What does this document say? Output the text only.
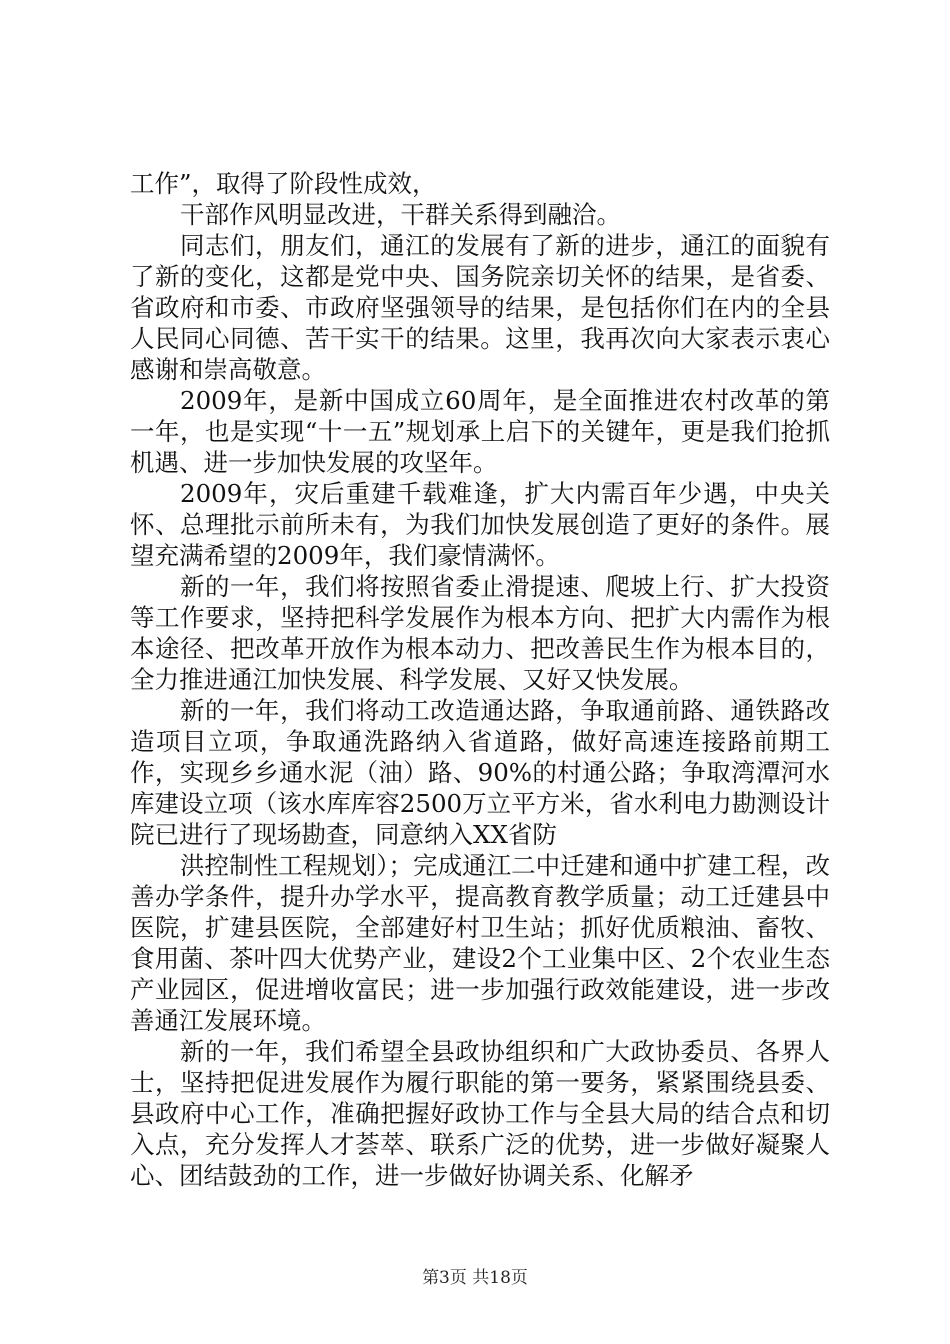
工作”，取得了阶段性成效，

干部作风明显改进，干群关系得到融洽。

同志们，朋友们，通江的发展有了新的进步，通江的面貌有了新的变化，这都是党中央、国务院亲切关怀的结果，是省委、省政府和市委、市政府坚强领导的结果，是包括你们在内的全县人民同心同德、苦干实干的结果。这里，我再次向大家表示衷心感谢和崇高敬意。

2009年，是新中国成立60周年，是全面推进农村改革的第一年，也是实现“十一五”规划承上启下的关键年，更是我们抢抓机遇、进一步加快发展的攻坚年。

2009年，灾后重建千载难逢，扩大内需百年少遇，中央关怀、总理批示前所未有，为我们加快发展创造了更好的条件。展望充满希望的2009年，我们豪情满怀。

新的一年，我们将按照省委止滑提速、爬坡上行、扩大投资等工作要求，坚持把科学发展作为根本方向、把扩大内需作为根本途径、把改革开放作为根本动力、把改善民生作为根本目的，全力推进通江加快发展、科学发展、又好又快发展。

新的一年，我们将动工改造通达路，争取通前路、通铁路改造项目立项，争取通洗路纳入省道路，做好高速连接路前期工作，实现乡乡通水泥（油）路、90%的村通公路；争取湾潭河水库建设立项（该水库库容2500万立平方米，省水利电力勘测设计院已进行了现场勘查，同意纳入XX省防

洪控制性工程规划）；完成通江二中迁建和通中扩建工程，改善办学条件，提升办学水平，提高教育教学质量；动工迁建县中医院，扩建县医院，全部建好村卫生站；抓好优质粮油、畜牧、食用菌、茶叶四大优势产业，建设2个工业集中区、2个农业生态产业园区，促进增收富民；进一步加强行政效能建设，进一步改善通江发展环境。

新的一年，我们希望全县政协组织和广大政协委员、各界人士，坚持把促进发展作为履行职能的第一要务，紧紧围绕县委、县政府中心工作，准确把握好政协工作与全县大局的结合点和切入点，充分发挥人才荟萃、联系广泛的优势，进一步做好凝聚人心、团结鼓劲的工作，进一步做好协调关系、化解矛

第3页 共18页
